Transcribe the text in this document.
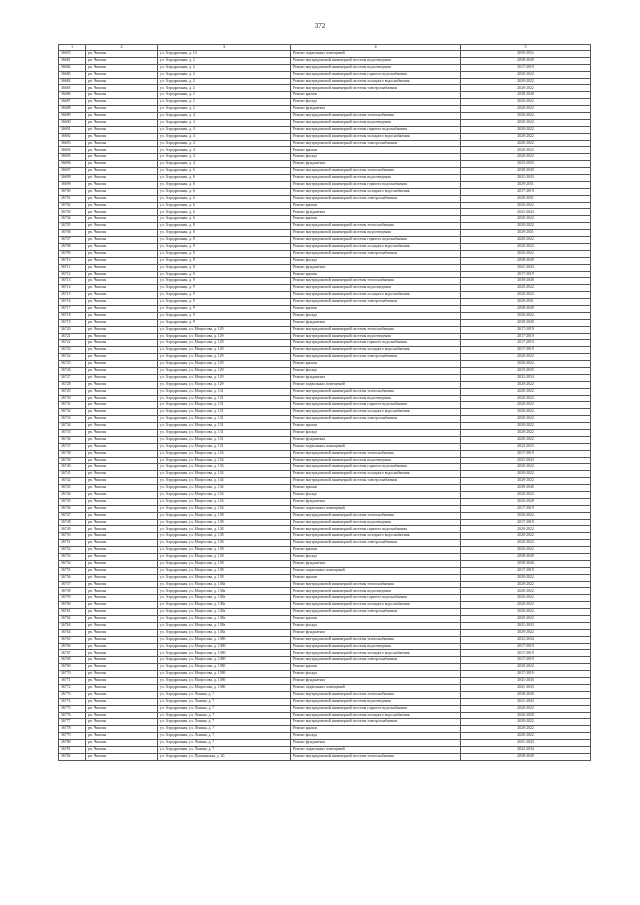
372
1	2	3	4	5
36655	рп. Чишмы	ул. Аэродромная, д. 14	Ремонт подвальных помещений	2050-2052
36681	рп. Чишмы	ул. Аэродромная, д. 2	Ремонт внутридомовой инженерной системы водоотведения	2038-2040
36682	рп. Чишмы	ул. Аэродромная, д. 2	Ремонт внутридомовой инженерной системы водоотведения	2017-2019
36683	рп. Чишмы	ул. Аэродромная, д. 2	Ремонт внутридомовой инженерной системы горячего водоснабжения	2020-2022
36684	рп. Чишмы	ул. Аэродромная, д. 2	Ремонт внутридомовой инженерной системы холодного водоснабжения	2020-2022
36685	рп. Чишмы	ул. Аэродромная, д. 2	Ремонт внутридомовой инженерной системы электроснабжения	2020-2022
36686	рп. Чишмы	ул. Аэродромная, д. 2	Ремонт крыши	2038-2040
36687	рп. Чишмы	ул. Аэродромная, д. 2	Ремонт фасада	2020-2022
36688	рп. Чишмы	ул. Аэродромная, д. 2	Ремонт фундамента	2020-2022
36689	рп. Чишмы	ул. Аэродромная, д. 4	Ремонт внутридомовой инженерной системы теплоснабжения	2020-2022
36690	рп. Чишмы	ул. Аэродромная, д. 4	Ремонт внутридомовой инженерной системы водоотведения	2020-2022
36691	рп. Чишмы	ул. Аэродромная, д. 4	Ремонт внутридомовой инженерной системы горячего водоснабжения	2020-2022
36692	рп. Чишмы	ул. Аэродромная, д. 4	Ремонт внутридомовой инженерной системы холодного водоснабжения	2020-2022
36693	рп. Чишмы	ул. Аэродромная, д. 4	Ремонт внутридомовой инженерной системы электроснабжения	2020-2022
36694	рп. Чишмы	ул. Аэродромная, д. 4	Ремонт крыши	2020-2022
36695	рп. Чишмы	ул. Аэродромная, д. 4	Ремонт фасада	2020-2022
36696	рп. Чишмы	ул. Аэродромная, д. 4	Ремонт фундамента	2023-2025
36697	рп. Чишмы	ул. Аэродромная, д. 6	Ремонт внутридомовой инженерной системы теплоснабжения	2038-2040
36698	рп. Чишмы	ул. Аэродромная, д. 6	Ремонт внутридомовой инженерной системы водоотведения	2041-2043
36699	рп. Чишмы	ул. Аэродромная, д. 6	Ремонт внутридомовой инженерной системы горячего водоснабжения	2029-2031
36700	рп. Чишмы	ул. Аэродромная, д. 6	Ремонт внутридомовой инженерной системы холодного водоснабжения	2017-2019
36701	рп. Чишмы	ул. Аэродромная, д. 6	Ремонт внутридомовой инженерной системы электроснабжения	2029-2031
36702	рп. Чишмы	ул. Аэродромная, д. 6	Ремонт крыши	2020-2022
36703	рп. Чишмы	ул. Аэродромная, д. 6	Ремонт фундамента	2041-2043
36704	рп. Чишмы	ул. Аэродромная, д. 6	Ремонт крыши	2020-2022
36705	рп. Чишмы	ул. Аэродромная, д. 8	Ремонт внутридомовой инженерной системы теплоснабжения	2020-2022
36706	рп. Чишмы	ул. Аэродромная, д. 8	Ремонт внутридомовой инженерной системы водоотведения	2029-2031
36707	рп. Чишмы	ул. Аэродромная, д. 8	Ремонт внутридомовой инженерной системы горячего водоснабжения	2020-2022
36708	рп. Чишмы	ул. Аэродромная, д. 8	Ремонт внутридомовой инженерной системы холодного водоснабжения	2020-2022
36709	рп. Чишмы	ул. Аэродромная, д. 8	Ремонт внутридомовой инженерной системы электроснабжения	2020-2022
36710	рп. Чишмы	ул. Аэродромная, д. 8	Ремонт фасада	2038-2040
36711	рп. Чишмы	ул. Аэродромная, д. 8	Ремонт фундамента	2041-2043
36712	рп. Чишмы	ул. Аэродромная, д. 8	Ремонт крыши	2017-2019
36713	рп. Чишмы	ул. Аэродромная, д. 9	Ремонт внутридомовой инженерной системы теплоснабжения	2038-2040
36714	рп. Чишмы	ул. Аэродромная, д. 9	Ремонт внутридомовой инженерной системы водоотведения	2020-2022
36715	рп. Чишмы	ул. Аэродромная, д. 9	Ремонт внутридомовой инженерной системы холодного водоснабжения	2020-2022
36716	рп. Чишмы	ул. Аэродромная, д. 9	Ремонт внутридомовой инженерной системы электроснабжения	2029-2031
36717	рп. Чишмы	ул. Аэродромная, д. 9	Ремонт крыши	2038-2040
36718	рп. Чишмы	ул. Аэродромная, д. 9	Ремонт фасада	2020-2022
36719	рп. Чишмы	ул. Аэродромная, д. 9	Ремонт фундамента	2038-2040
36720	рп. Чишмы	ул. Аэродромная, ул. Матросова, д. 129	Ремонт внутридомовой инженерной системы теплоснабжения	2017-2019
36721	рп. Чишмы	ул. Аэродромная, ул. Матросова, д. 129	Ремонт внутридомовой инженерной системы водоотведения	2017-2019
36722	рп. Чишмы	ул. Аэродромная, ул. Матросова, д. 129	Ремонт внутридомовой инженерной системы горячего водоснабжения	2017-2019
36723	рп. Чишмы	ул. Аэродромная, ул. Матросова, д. 129	Ремонт внутридомовой инженерной системы холодного водоснабжения	2017-2019
36724	рп. Чишмы	ул. Аэродромная, ул. Матросова, д. 129	Ремонт внутридомовой инженерной системы электроснабжения	2020-2022
36725	рп. Чишмы	ул. Аэродромная, ул. Матросова, д. 129	Ремонт крыши	2020-2022
36726	рп. Чишмы	ул. Аэродромная, ул. Матросова, д. 129	Ремонт фасада	2023-2025
36727	рп. Чишмы	ул. Аэродромная, ул. Матросова, д. 129	Ремонт фундамента	2032-2034
36728	рп. Чишмы	ул. Аэродромная, ул. Матросова, д. 129	Ремонт подвальных помещений	2020-2022
36729	рп. Чишмы	ул. Аэродромная, ул. Матросова, д. 131	Ремонт внутридомовой инженерной системы теплоснабжения	2020-2022
36730	рп. Чишмы	ул. Аэродромная, ул. Матросова, д. 131	Ремонт внутридомовой инженерной системы водоотведения	2020-2022
36731	рп. Чишмы	ул. Аэродромная, ул. Матросова, д. 131	Ремонт внутридомовой инженерной системы горячего водоснабжения	2020-2022
36732	рп. Чишмы	ул. Аэродромная, ул. Матросова, д. 131	Ремонт внутридомовой инженерной системы холодного водоснабжения	2020-2022
36733	рп. Чишмы	ул. Аэродромная, ул. Матросова, д. 131	Ремонт внутридомовой инженерной системы электроснабжения	2020-2022
36734	рп. Чишмы	ул. Аэродромная, ул. Матросова, д. 131	Ремонт крыши	2020-2022
36735	рп. Чишмы	ул. Аэродромная, ул. Матросова, д. 131	Ремонт фасада	2020-2022
36736	рп. Чишмы	ул. Аэродромная, ул. Матросова, д. 131	Ремонт фундамента	2020-2022
36737	рп. Чишмы	ул. Аэродромная, ул. Матросова, д. 131	Ремонт подвальных помещений	2023-2025
36738	рп. Чишмы	ул. Аэродромная, ул. Матросова, д. 134	Ремонт внутридомовой инженерной системы теплоснабжения	2017-2019
36739	рп. Чишмы	ул. Аэродромная, ул. Матросова, д. 134	Ремонт внутридомовой инженерной системы водоотведения	2041-2043
36740	рп. Чишмы	ул. Аэродромная, ул. Матросова, д. 134	Ремонт внутридомовой инженерной системы горячего водоснабжения	2020-2022
36741	рп. Чишмы	ул. Аэродромная, ул. Матросова, д. 134	Ремонт внутридомовой инженерной системы холодного водоснабжения	2020-2022
36742	рп. Чишмы	ул. Аэродромная, ул. Матросова, д. 134	Ремонт внутридомовой инженерной системы электроснабжения	2020-2022
36743	рп. Чишмы	ул. Аэродромная, ул. Матросова, д. 134	Ремонт крыши	2038-2040
36744	рп. Чишмы	ул. Аэродромная, ул. Матросова, д. 134	Ремонт фасада	2020-2022
36745	рп. Чишмы	ул. Аэродромная, ул. Матросова, д. 134	Ремонт фундамента	2026-2028
36746	рп. Чишмы	ул. Аэродромная, ул. Матросова, д. 134	Ремонт подвальных помещений	2017-2019
36747	рп. Чишмы	ул. Аэродромная, ул. Матросова, д. 138	Ремонт внутридомовой инженерной системы теплоснабжения	2020-2022
36748	рп. Чишмы	ул. Аэродромная, ул. Матросова, д. 138	Ремонт внутридомовой инженерной системы водоотведения	2017-2019
36749	рп. Чишмы	ул. Аэродромная, ул. Матросова, д. 138	Ремонт внутридомовой инженерной системы горячего водоснабжения	2020-2022
36750	рп. Чишмы	ул. Аэродромная, ул. Матросова, д. 138	Ремонт внутридомовой инженерной системы холодного водоснабжения	2020-2022
36751	рп. Чишмы	ул. Аэродромная, ул. Матросова, д. 138	Ремонт внутридомовой инженерной системы электроснабжения	2020-2022
36752	рп. Чишмы	ул. Аэродромная, ул. Матросова, д. 138	Ремонт крыши	2020-2022
36753	рп. Чишмы	ул. Аэродромная, ул. Матросова, д. 138	Ремонт фасада	2038-2040
36754	рп. Чишмы	ул. Аэродромная, ул. Матросова, д. 138	Ремонт фундамента	2038-2040
36755	рп. Чишмы	ул. Аэродромная, ул. Матросова, д. 138	Ремонт подвальных помещений	2017-2019
36756	рп. Чишмы	ул. Аэродромная, ул. Матросова, д. 138	Ремонт крыши	2020-2022
36757	рп. Чишмы	ул. Аэродромная, ул. Матросова, д. 138а	Ремонт внутридомовой инженерной системы теплоснабжения	2020-2022
36758	рп. Чишмы	ул. Аэродромная, ул. Матросова, д. 138а	Ремонт внутридомовой инженерной системы водоотведения	2020-2022
36759	рп. Чишмы	ул. Аэродромная, ул. Матросова, д. 138а	Ремонт внутридомовой инженерной системы горячего водоснабжения	2020-2022
36760	рп. Чишмы	ул. Аэродромная, ул. Матросова, д. 138а	Ремонт внутридомовой инженерной системы холодного водоснабжения	2020-2022
36761	рп. Чишмы	ул. Аэродромная, ул. Матросова, д. 138а	Ремонт внутридомовой инженерной системы электроснабжения	2020-2022
36762	рп. Чишмы	ул. Аэродромная, ул. Матросова, д. 138а	Ремонт крыши	2020-2022
36763	рп. Чишмы	ул. Аэродромная, ул. Матросова, д. 138а	Ремонт фасада	2041-2043
36764	рп. Чишмы	ул. Аэродромная, ул. Матросова, д. 138а	Ремонт фундамента	2020-2022
36765	рп. Чишмы	ул. Аэродромная, ул. Матросова, д. 138б	Ремонт внутридомовой инженерной системы теплоснабжения	2032-2034
36766	рп. Чишмы	ул. Аэродромная, ул. Матросова, д. 138б	Ремонт внутридомовой инженерной системы водоотведения	2017-2019
36767	рп. Чишмы	ул. Аэродромная, ул. Матросова, д. 138б	Ремонт внутридомовой инженерной системы холодного водоснабжения	2017-2019
36768	рп. Чишмы	ул. Аэродромная, ул. Матросова, д. 138б	Ремонт внутридомовой инженерной системы электроснабжения	2017-2019
36769	рп. Чишмы	ул. Аэродромная, ул. Матросова, д. 138б	Ремонт крыши	2020-2022
36770	рп. Чишмы	ул. Аэродромная, ул. Матросова, д. 138б	Ремонт фасада	2017-2019
36771	рп. Чишмы	ул. Аэродромная, ул. Матросова, д. 138б	Ремонт фундамента	2041-2043
36772	рп. Чишмы	ул. Аэродромная, ул. Матросова, д. 138б	Ремонт подвальных помещений	2041-2043
36773	рп. Чишмы	ул. Аэродромная, ул. Ленина, д. 7	Ремонт внутридомовой инженерной системы теплоснабжения	2038-2040
36774	рп. Чишмы	ул. Аэродромная, ул. Ленина, д. 7	Ремонт внутридомовой инженерной системы водоотведения	2041-2043
36775	рп. Чишмы	ул. Аэродромная, ул. Ленина, д. 7	Ремонт внутридомовой инженерной системы горячего водоснабжения	2020-2022
36776	рп. Чишмы	ул. Аэродромная, ул. Ленина, д. 7	Ремонт внутридомовой инженерной системы холодного водоснабжения	2026-2028
36777	рп. Чишмы	ул. Аэродромная, ул. Ленина, д. 7	Ремонт внутридомовой инженерной системы электроснабжения	2020-2022
36778	рп. Чишмы	ул. Аэродромная, ул. Ленина, д. 7	Ремонт крыши	2020-2022
36779	рп. Чишмы	ул. Аэродромная, ул. Ленина, д. 7	Ремонт фасада	2020-2022
36780	рп. Чишмы	ул. Аэродромная, ул. Ленина, д. 7	Ремонт фундамента	2041-2043
36781	рп. Чишмы	ул. Аэродромная, ул. Ленина, д. 7	Ремонт подвальных помещений	2032-2034
36782	рп. Чишмы	ул. Аэродромная, ул. Пушкинская, д. 20	Ремонт внутридомовой инженерной системы теплоснабжения	2038-2040
